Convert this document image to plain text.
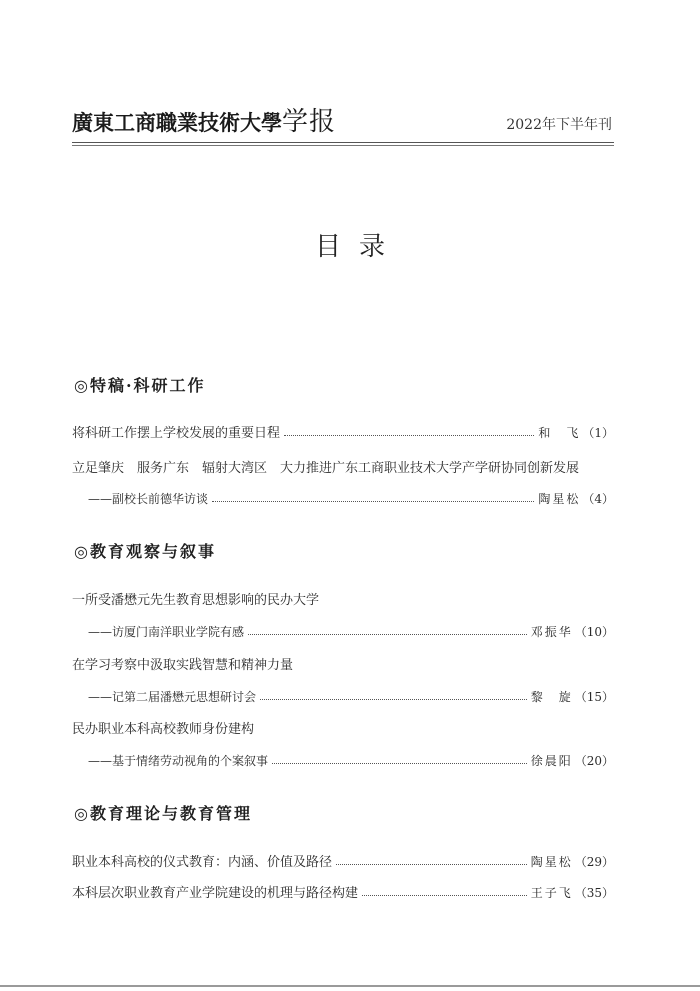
廣東工商職業技術大學学报	2022年下半年刊
目录
◎特稿·科研工作
将科研工作摆上学校发展的重要日程	和　飞 （1）
立足肇庆　服务广东　辐射大湾区　大力推进广东工商职业技术大学产学研协同创新发展
——副校长前德华访谈	陶星松 （4）
◎教育观察与叙事
一所受潘懋元先生教育思想影响的民办大学
——访厦门南洋职业学院有感	邓振华 （10）
在学习考察中汲取实践智慧和精神力量
——记第二届潘懋元思想研讨会	黎　旋 （15）
民办职业本科高校教师身份建构
——基于情绪劳动视角的个案叙事	徐晨阳 （20）
◎教育理论与教育管理
职业本科高校的仪式教育：内涵、价值及路径	陶星松 （29）
本科层次职业教育产业学院建设的机理与路径构建	王子飞 （35）
